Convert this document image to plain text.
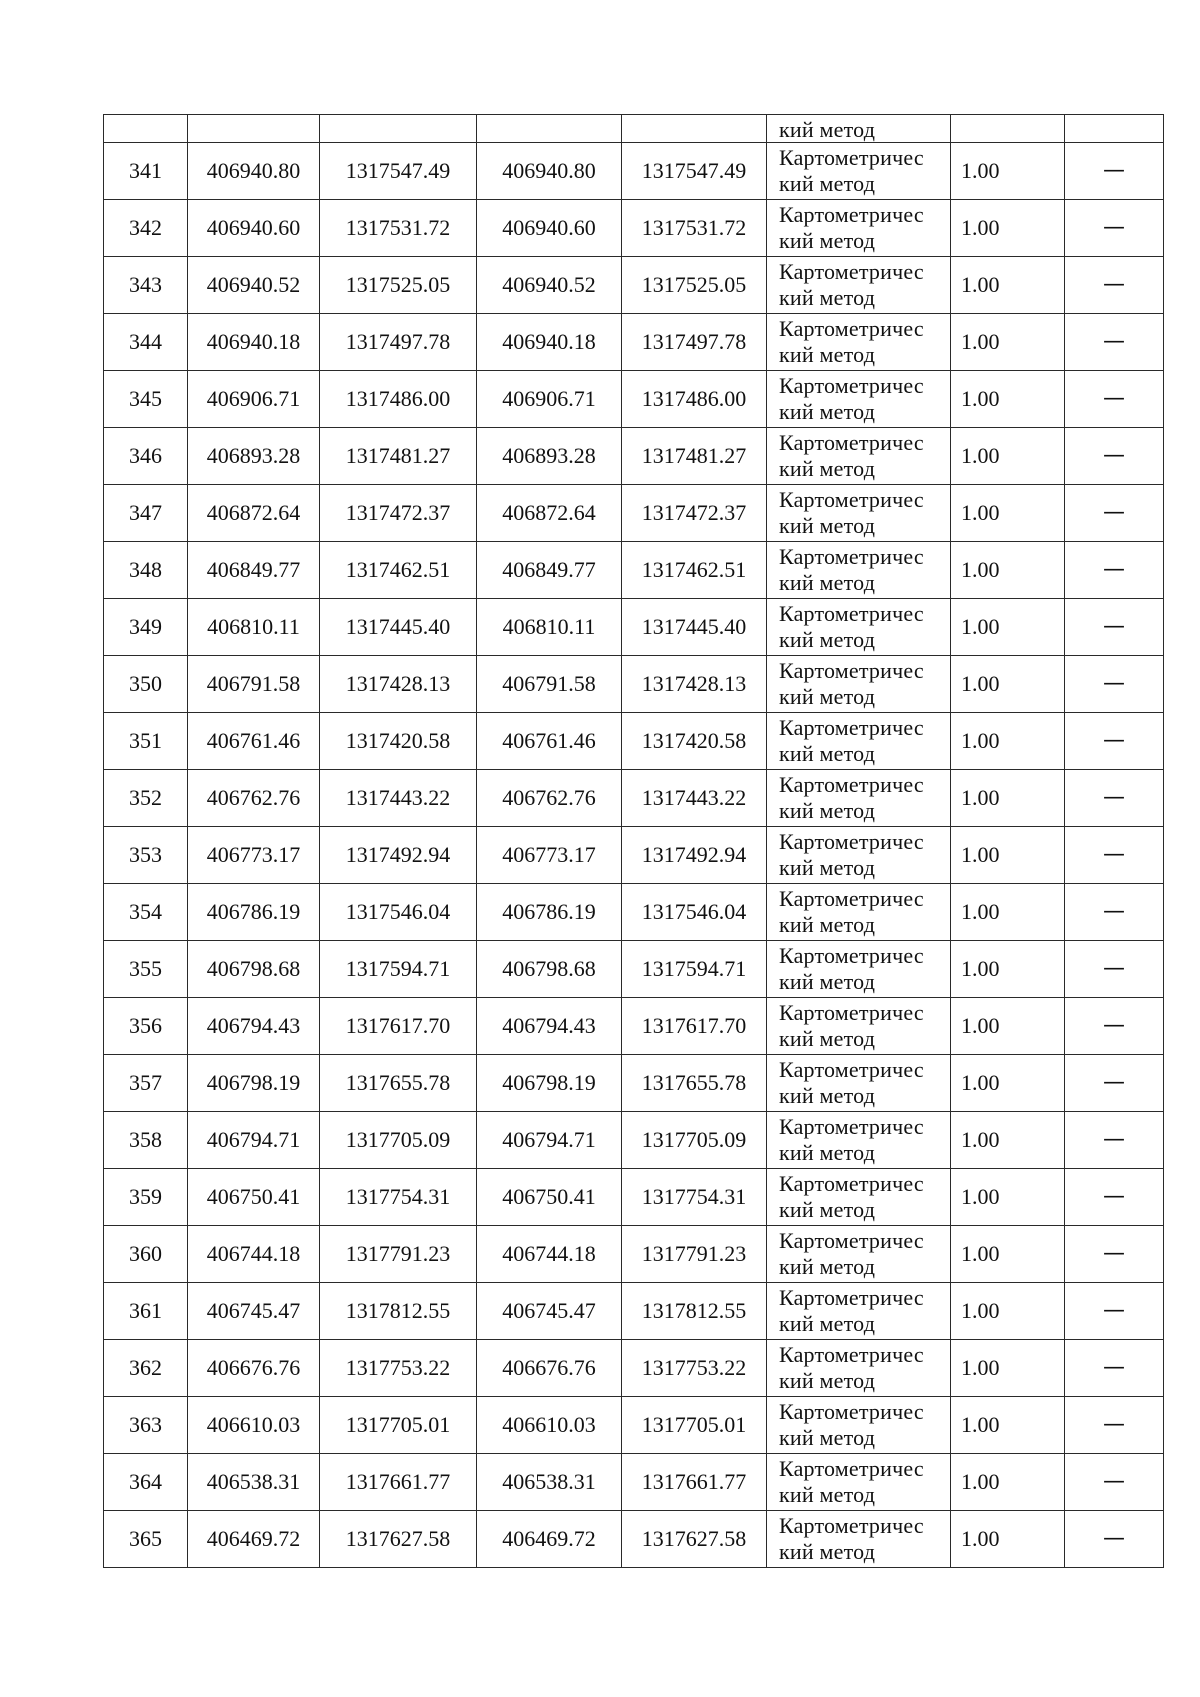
					кий метод		
341	406940.80	1317547.49	406940.80	1317547.49	Картометричес
кий метод	1.00	—
342	406940.60	1317531.72	406940.60	1317531.72	Картометричес
кий метод	1.00	—
343	406940.52	1317525.05	406940.52	1317525.05	Картометричес
кий метод	1.00	—
344	406940.18	1317497.78	406940.18	1317497.78	Картометричес
кий метод	1.00	—
345	406906.71	1317486.00	406906.71	1317486.00	Картометричес
кий метод	1.00	—
346	406893.28	1317481.27	406893.28	1317481.27	Картометричес
кий метод	1.00	—
347	406872.64	1317472.37	406872.64	1317472.37	Картометричес
кий метод	1.00	—
348	406849.77	1317462.51	406849.77	1317462.51	Картометричес
кий метод	1.00	—
349	406810.11	1317445.40	406810.11	1317445.40	Картометричес
кий метод	1.00	—
350	406791.58	1317428.13	406791.58	1317428.13	Картометричес
кий метод	1.00	—
351	406761.46	1317420.58	406761.46	1317420.58	Картометричес
кий метод	1.00	—
352	406762.76	1317443.22	406762.76	1317443.22	Картометричес
кий метод	1.00	—
353	406773.17	1317492.94	406773.17	1317492.94	Картометричес
кий метод	1.00	—
354	406786.19	1317546.04	406786.19	1317546.04	Картометричес
кий метод	1.00	—
355	406798.68	1317594.71	406798.68	1317594.71	Картометричес
кий метод	1.00	—
356	406794.43	1317617.70	406794.43	1317617.70	Картометричес
кий метод	1.00	—
357	406798.19	1317655.78	406798.19	1317655.78	Картометричес
кий метод	1.00	—
358	406794.71	1317705.09	406794.71	1317705.09	Картометричес
кий метод	1.00	—
359	406750.41	1317754.31	406750.41	1317754.31	Картометричес
кий метод	1.00	—
360	406744.18	1317791.23	406744.18	1317791.23	Картометричес
кий метод	1.00	—
361	406745.47	1317812.55	406745.47	1317812.55	Картометричес
кий метод	1.00	—
362	406676.76	1317753.22	406676.76	1317753.22	Картометричес
кий метод	1.00	—
363	406610.03	1317705.01	406610.03	1317705.01	Картометричес
кий метод	1.00	—
364	406538.31	1317661.77	406538.31	1317661.77	Картометричес
кий метод	1.00	—
365	406469.72	1317627.58	406469.72	1317627.58	Картометричес
кий метод	1.00	—
